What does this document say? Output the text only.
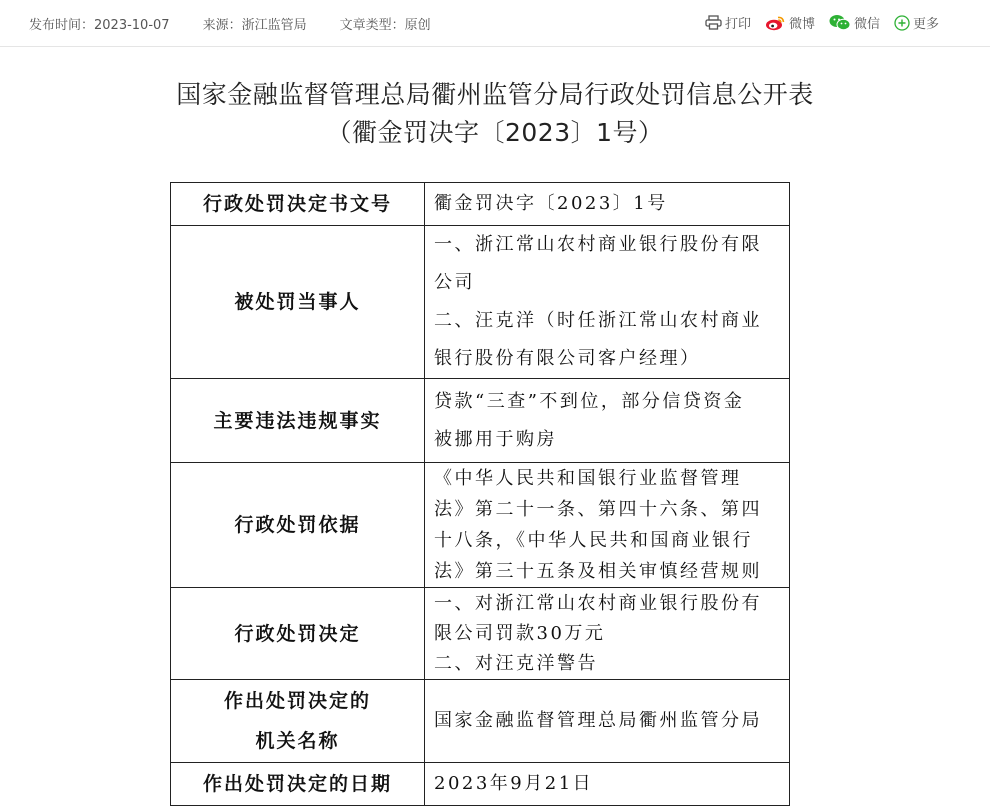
发布时间：2023-10-07	来源：浙江监管局	文章类型：原创	打印	微博	微信	更多
国家金融监督管理总局衢州监管分局行政处罚信息公开表
（衢金罚决字〔2023〕1号）
行政处罚决定书文号	衢金罚决字〔2023〕1号
被处罚当事人	一、浙江常山农村商业银行股份有限
公司
二、汪克洋（时任浙江常山农村商业
银行股份有限公司客户经理）

主要违法违规事实	贷款“三查”不到位，部分信贷资金
被挪用于购房

行政处罚依据	《中华人民共和国银行业监督管理
法》第二十一条、第四十六条、第四
十八条，《中华人民共和国商业银行
法》第三十五条及相关审慎经营规则

行政处罚决定	一、对浙江常山农村商业银行股份有
限公司罚款30万元
二、对汪克洋警告

作出处罚决定的
机关名称	国家金融监督管理总局衢州监管分局
作出处罚决定的日期	2023年9月21日
